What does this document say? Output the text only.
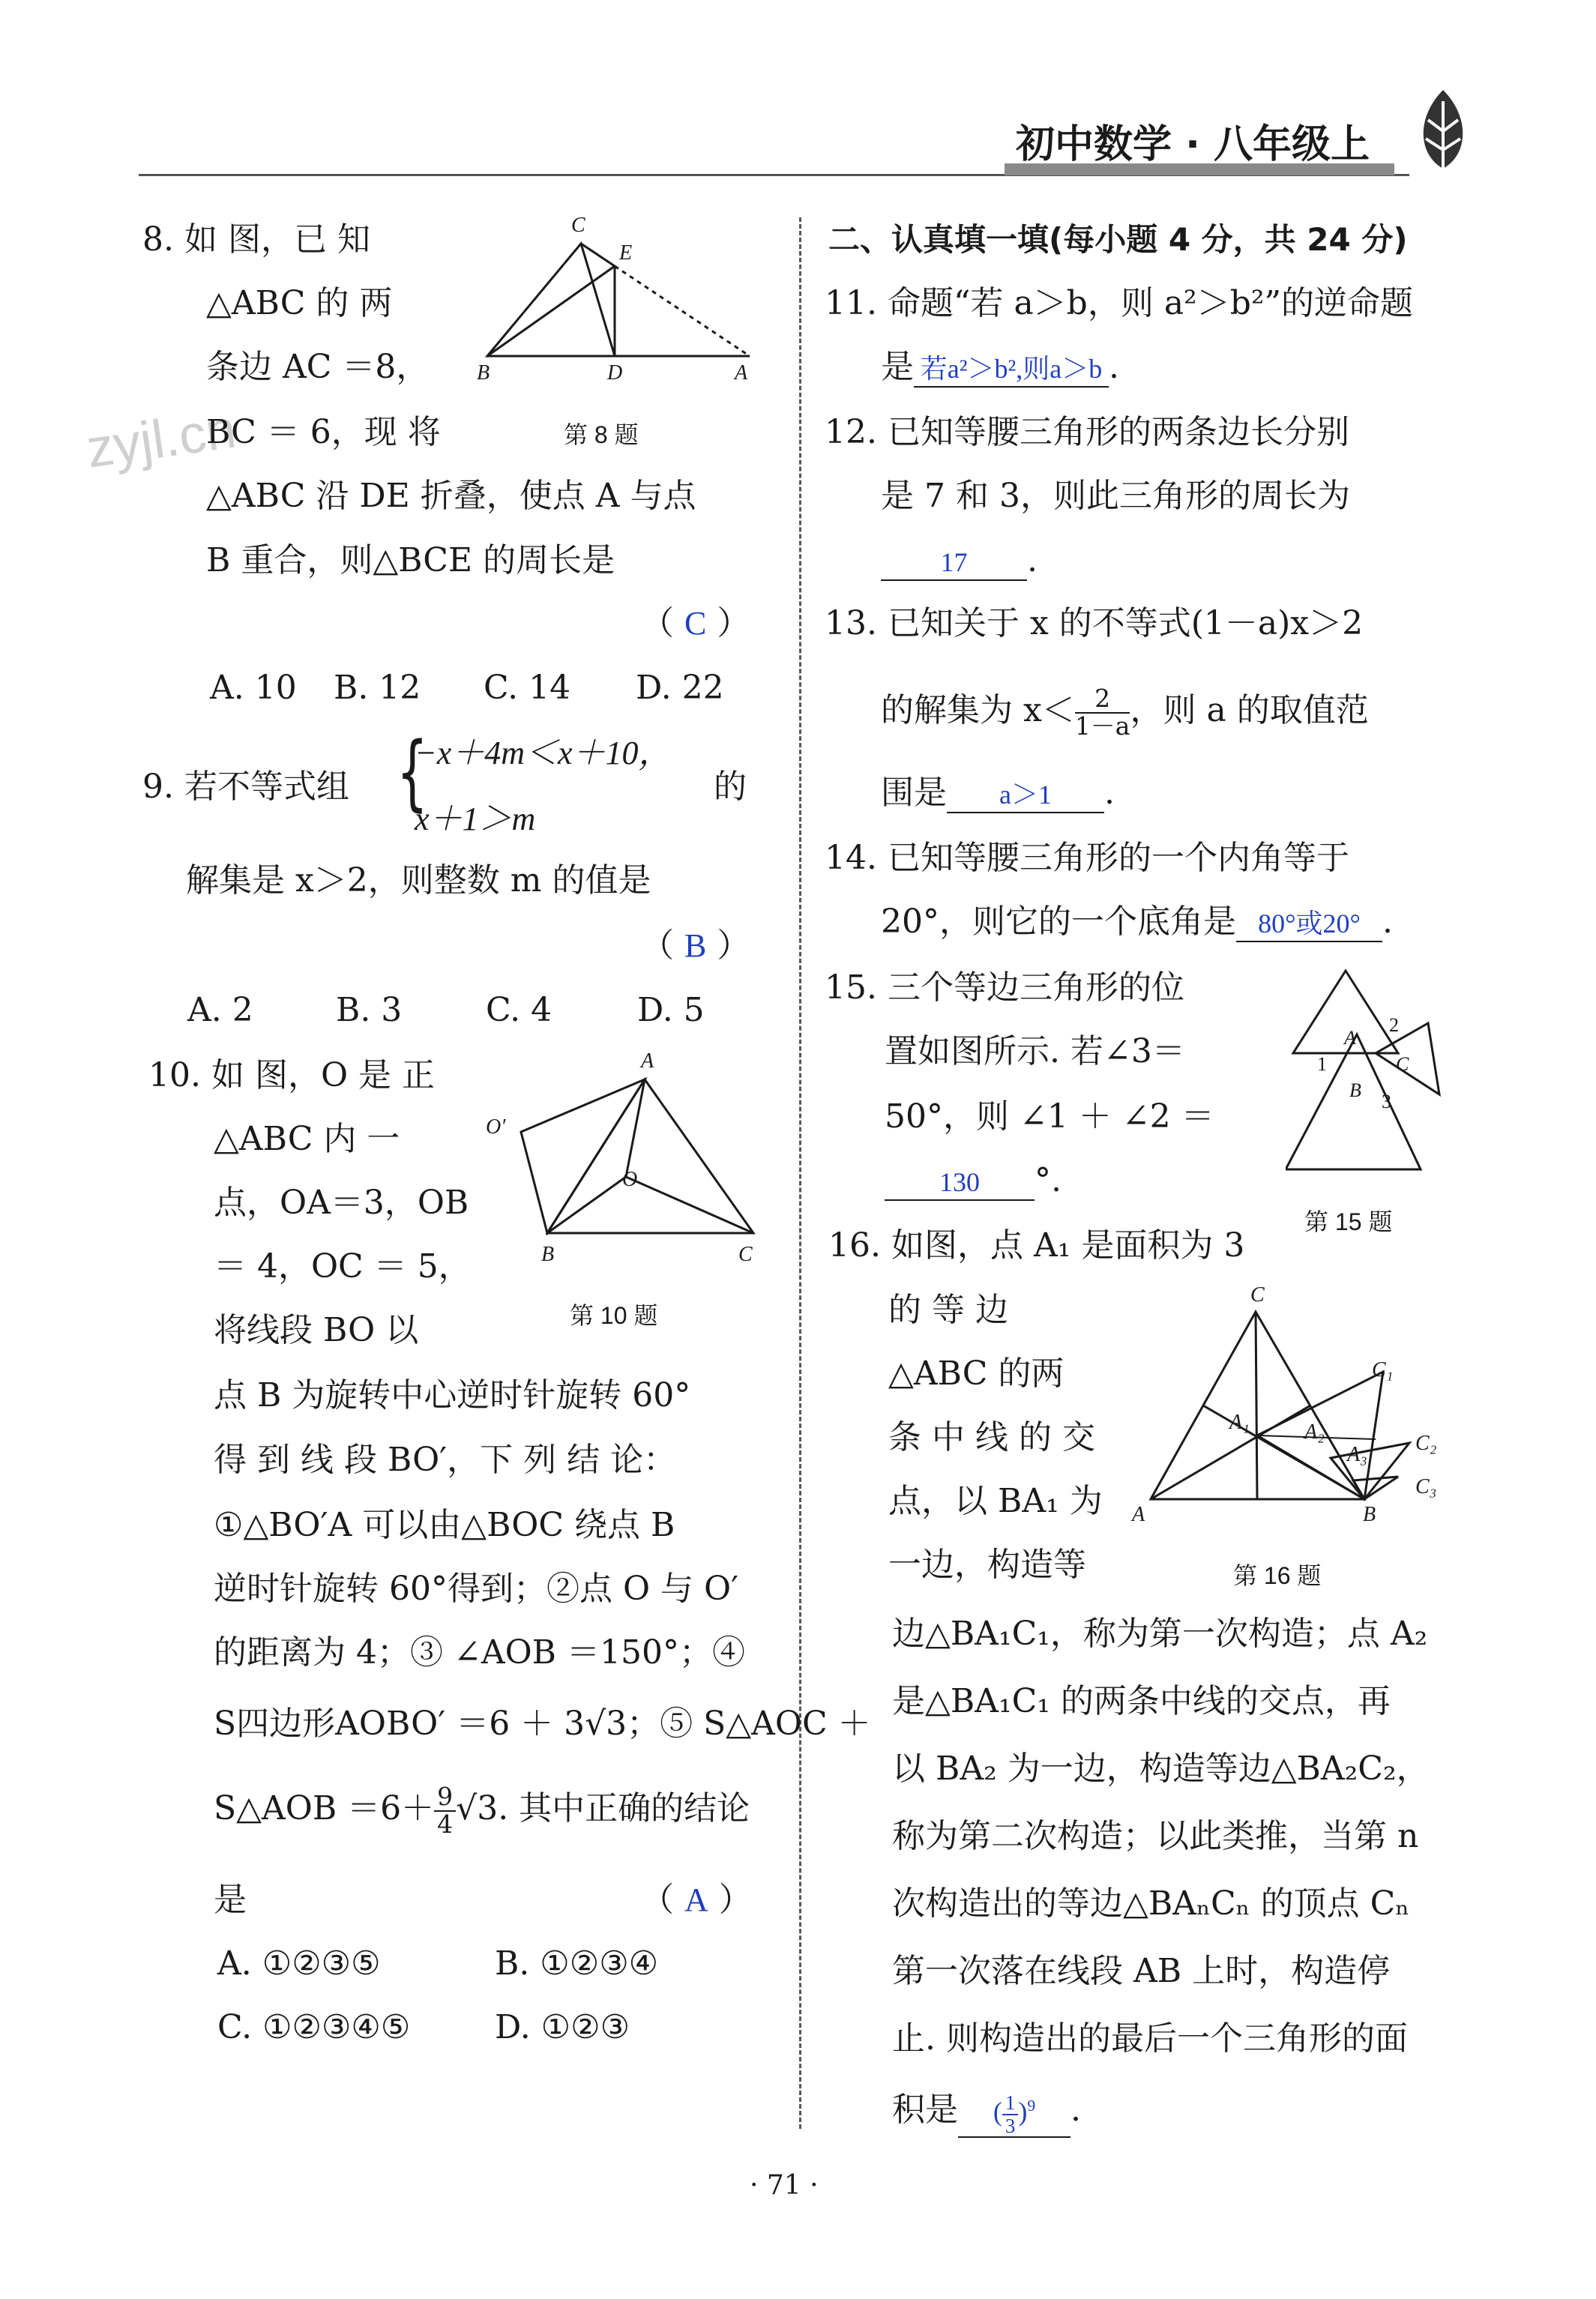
初中数学 · 八年级上
zyjl.cn
8. 如 图，已 知
△ABC 的 两
条边 AC ＝8，
BC ＝ 6，现 将
△ABC 沿 DE 折叠，使点 A 与点
B 重合，则△BCE 的周长是
（ C ）
A. 10 B. 12 C. 14 D. 22
C
E
B	D	A
第 8 题
9. 若不等式组 {
−x＋4m＜x＋10，
x＋1＞m
的
解集是 x＞2，则整数 m 的值是
（ B ）
A. 2	B. 3	C. 4	D. 5
10. 如 图，O 是 正
△ABC 内 一
点，OA＝3，OB
＝ 4，OC ＝ 5，
将线段 BO 以
点 B 为旋转中心逆时针旋转 60°
得 到 线 段 BO′，下 列 结 论：
①△BO′A 可以由△BOC 绕点 B
逆时针旋转 60°得到；②点 O 与 O′
的距离为 4；③ ∠AOB ＝150°；④
S四边形AOBO′ ＝6 ＋ 3√3；⑤ S△AOC ＋
S△AOB $=6+ \frac{9}{4} √3$. 其中正确的结论
是	（ A ）
A. ①②③⑤	B. ①②③④
C. ①②③④⑤	D. ①②③
A
O′
O
B	C
第 10 题
二、认真填一填(每小题 4 分，共 24 分)
11. 命题“若 a＞b，则 a²＞b²”的逆命题
是 若a²＞b²,则a＞b .
12. 已知等腰三角形的两条边长分别
是 7 和 3，则此三角形的周长为
17 .
13. 已知关于 x 的不等式(1－a)x＞2
的解集为 $x< \frac{2}{1-a}$ ，则 a 的取值范
围是 a＞1 .
14. 已知等腰三角形的一个内角等于
20°，则它的一个底角是 80°或20° .
15. 三个等边三角形的位
置如图所示. 若∠3＝
50°，则 ∠1 ＋ ∠2 ＝
130 °.
A
2
1	C
B
3
第 15 题
16. 如图，点 A₁ 是面积为 3
的 等 边
△ABC 的两
条 中 线 的 交
点，以 BA₁ 为
一边，构造等
边△BA₁C₁，称为第一次构造；点 A₂
是△BA₁C₁ 的两条中线的交点，再
以 BA₂ 为一边，构造等边△BA₂C₂，
称为第二次构造；以此类推，当第 n
次构造出的等边△BAₙCₙ 的顶点 Cₙ
第一次落在线段 AB 上时，构造停
止. 则构造出的最后一个三角形的面
积是 ( $\frac{1}{3} )^9$ .
C
C₁
A₁	A₂	C₂
A₃
C₃
A	B
第 16 题
· 71 ·
